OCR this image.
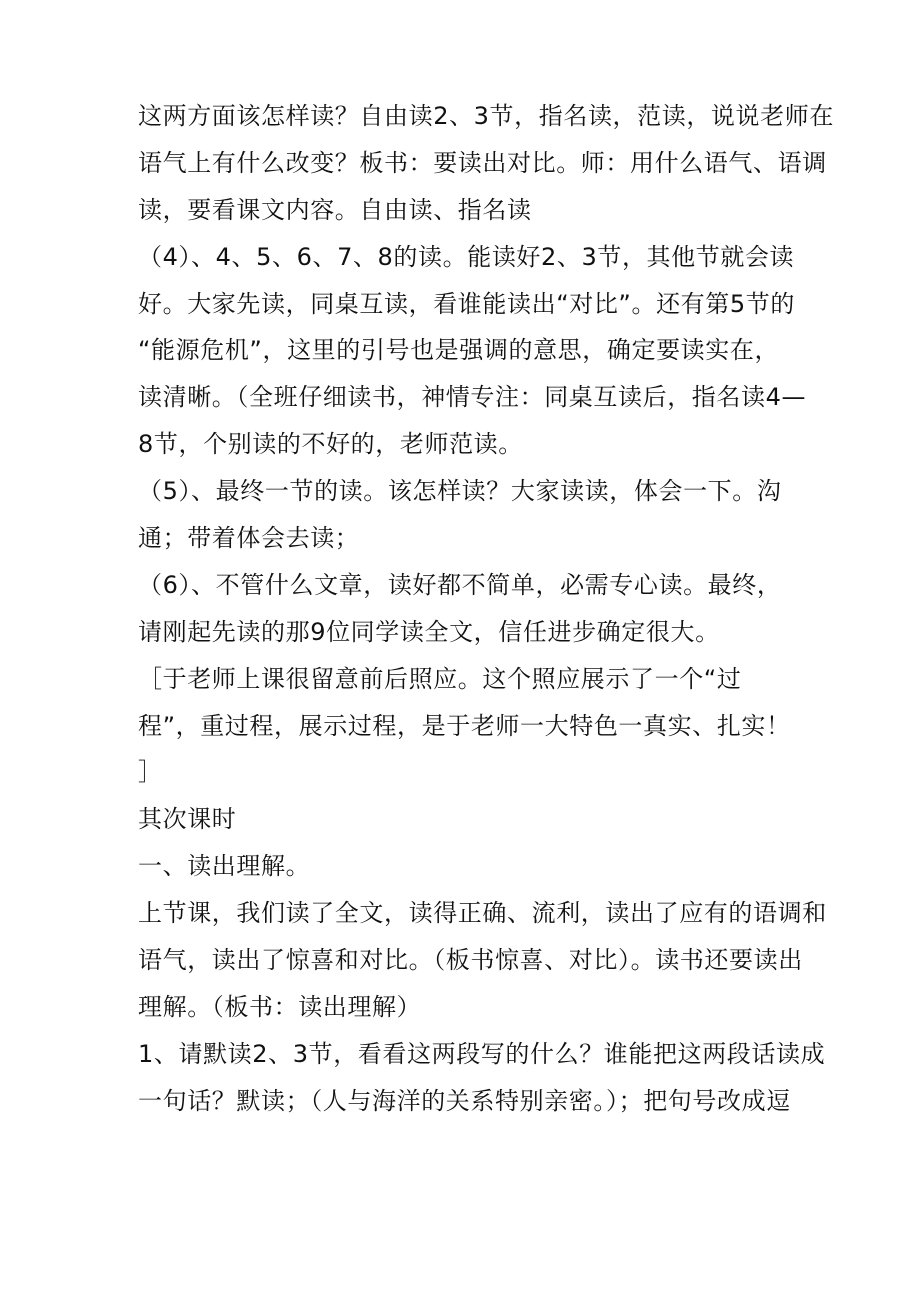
这两方面该怎样读？自由读2、3节，指名读，范读，说说老师在
语气上有什么改变？板书：要读出对比。师：用什么语气、语调
读，要看课文内容。自由读、指名读
（4）、4、5、6、7、8的读。能读好2、3节，其他节就会读
好。大家先读，同桌互读，看谁能读出“对比”。还有第5节的
“能源危机”，这里的引号也是强调的意思，确定要读实在，
读清晰。（全班仔细读书，神情专注：同桌互读后，指名读4—
8节，个别读的不好的，老师范读。
（5）、最终一节的读。该怎样读？大家读读，体会一下。沟
通；带着体会去读；
（6）、不管什么文章，读好都不简单，必需专心读。最终，
请刚起先读的那9位同学读全文，信任进步确定很大。
［于老师上课很留意前后照应。这个照应展示了一个“过
程”，重过程，展示过程，是于老师一大特色一真实、扎实！
］
其次课时
一、读出理解。
上节课，我们读了全文，读得正确、流利，读出了应有的语调和
语气，读出了惊喜和对比。（板书惊喜、对比）。读书还要读出
理解。（板书：读出理解）
1、请默读2、3节，看看这两段写的什么？谁能把这两段话读成
一句话？默读；（人与海洋的关系特别亲密。）；把句号改成逗
